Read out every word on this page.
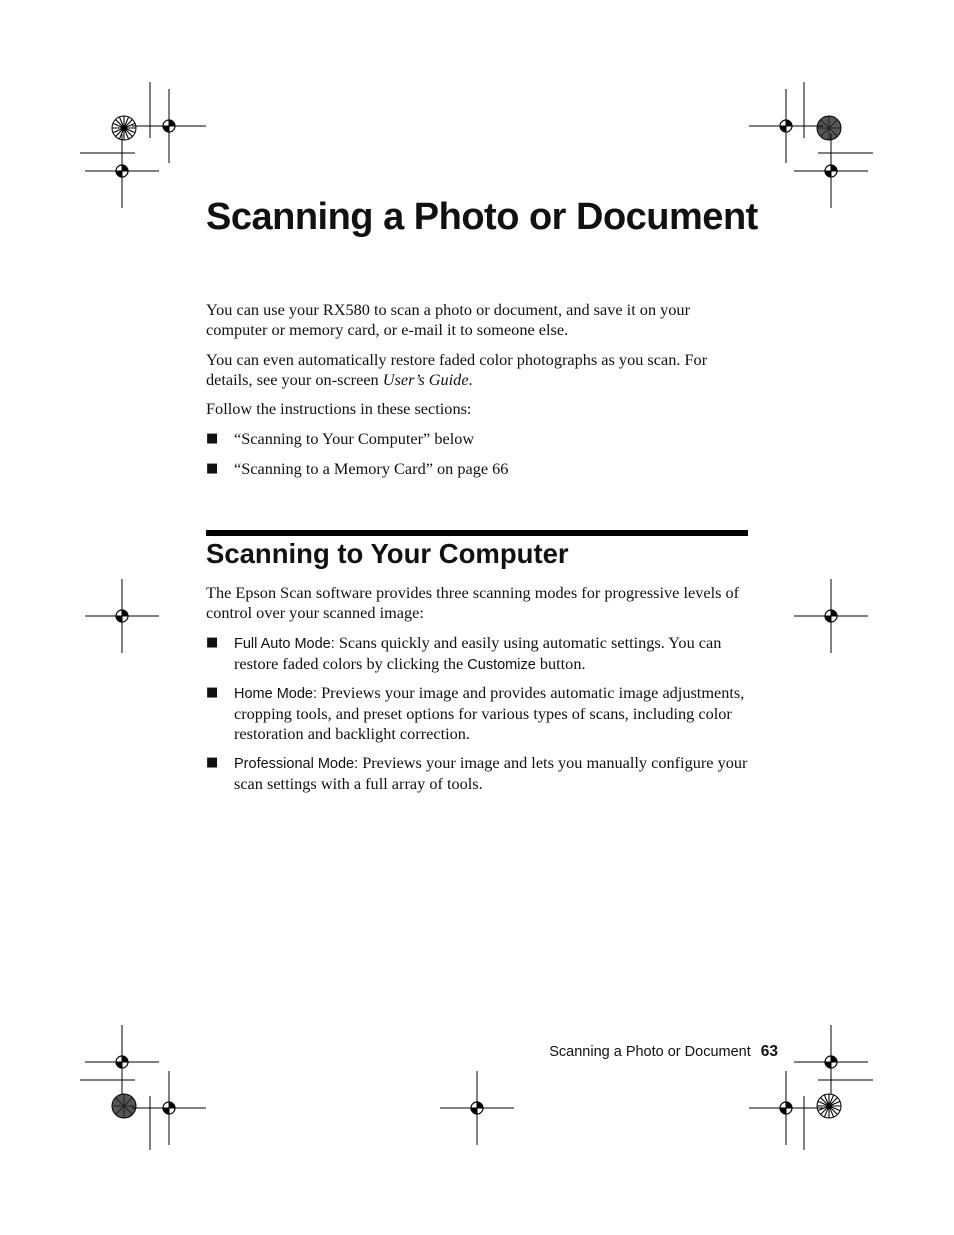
Scanning a Photo or Document

You can use your RX580 to scan a photo or document, and save it on your computer or memory card, or e-mail it to someone else.

You can even automatically restore faded color photographs as you scan. For details, see your on-screen User’s Guide.

Follow the instructions in these sections:

■ “Scanning to Your Computer” below
■ “Scanning to a Memory Card” on page 66
Scanning to Your Computer

The Epson Scan software provides three scanning modes for progressive levels of control over your scanned image:

■ Full Auto Mode: Scans quickly and easily using automatic settings. You can restore faded colors by clicking the Customize button.
■ Home Mode: Previews your image and provides automatic image adjustments, cropping tools, and preset options for various types of scans, including color restoration and backlight correction.
■ Professional Mode: Previews your image and lets you manually configure your scan settings with a full array of tools.
Scanning a Photo or Document 63
